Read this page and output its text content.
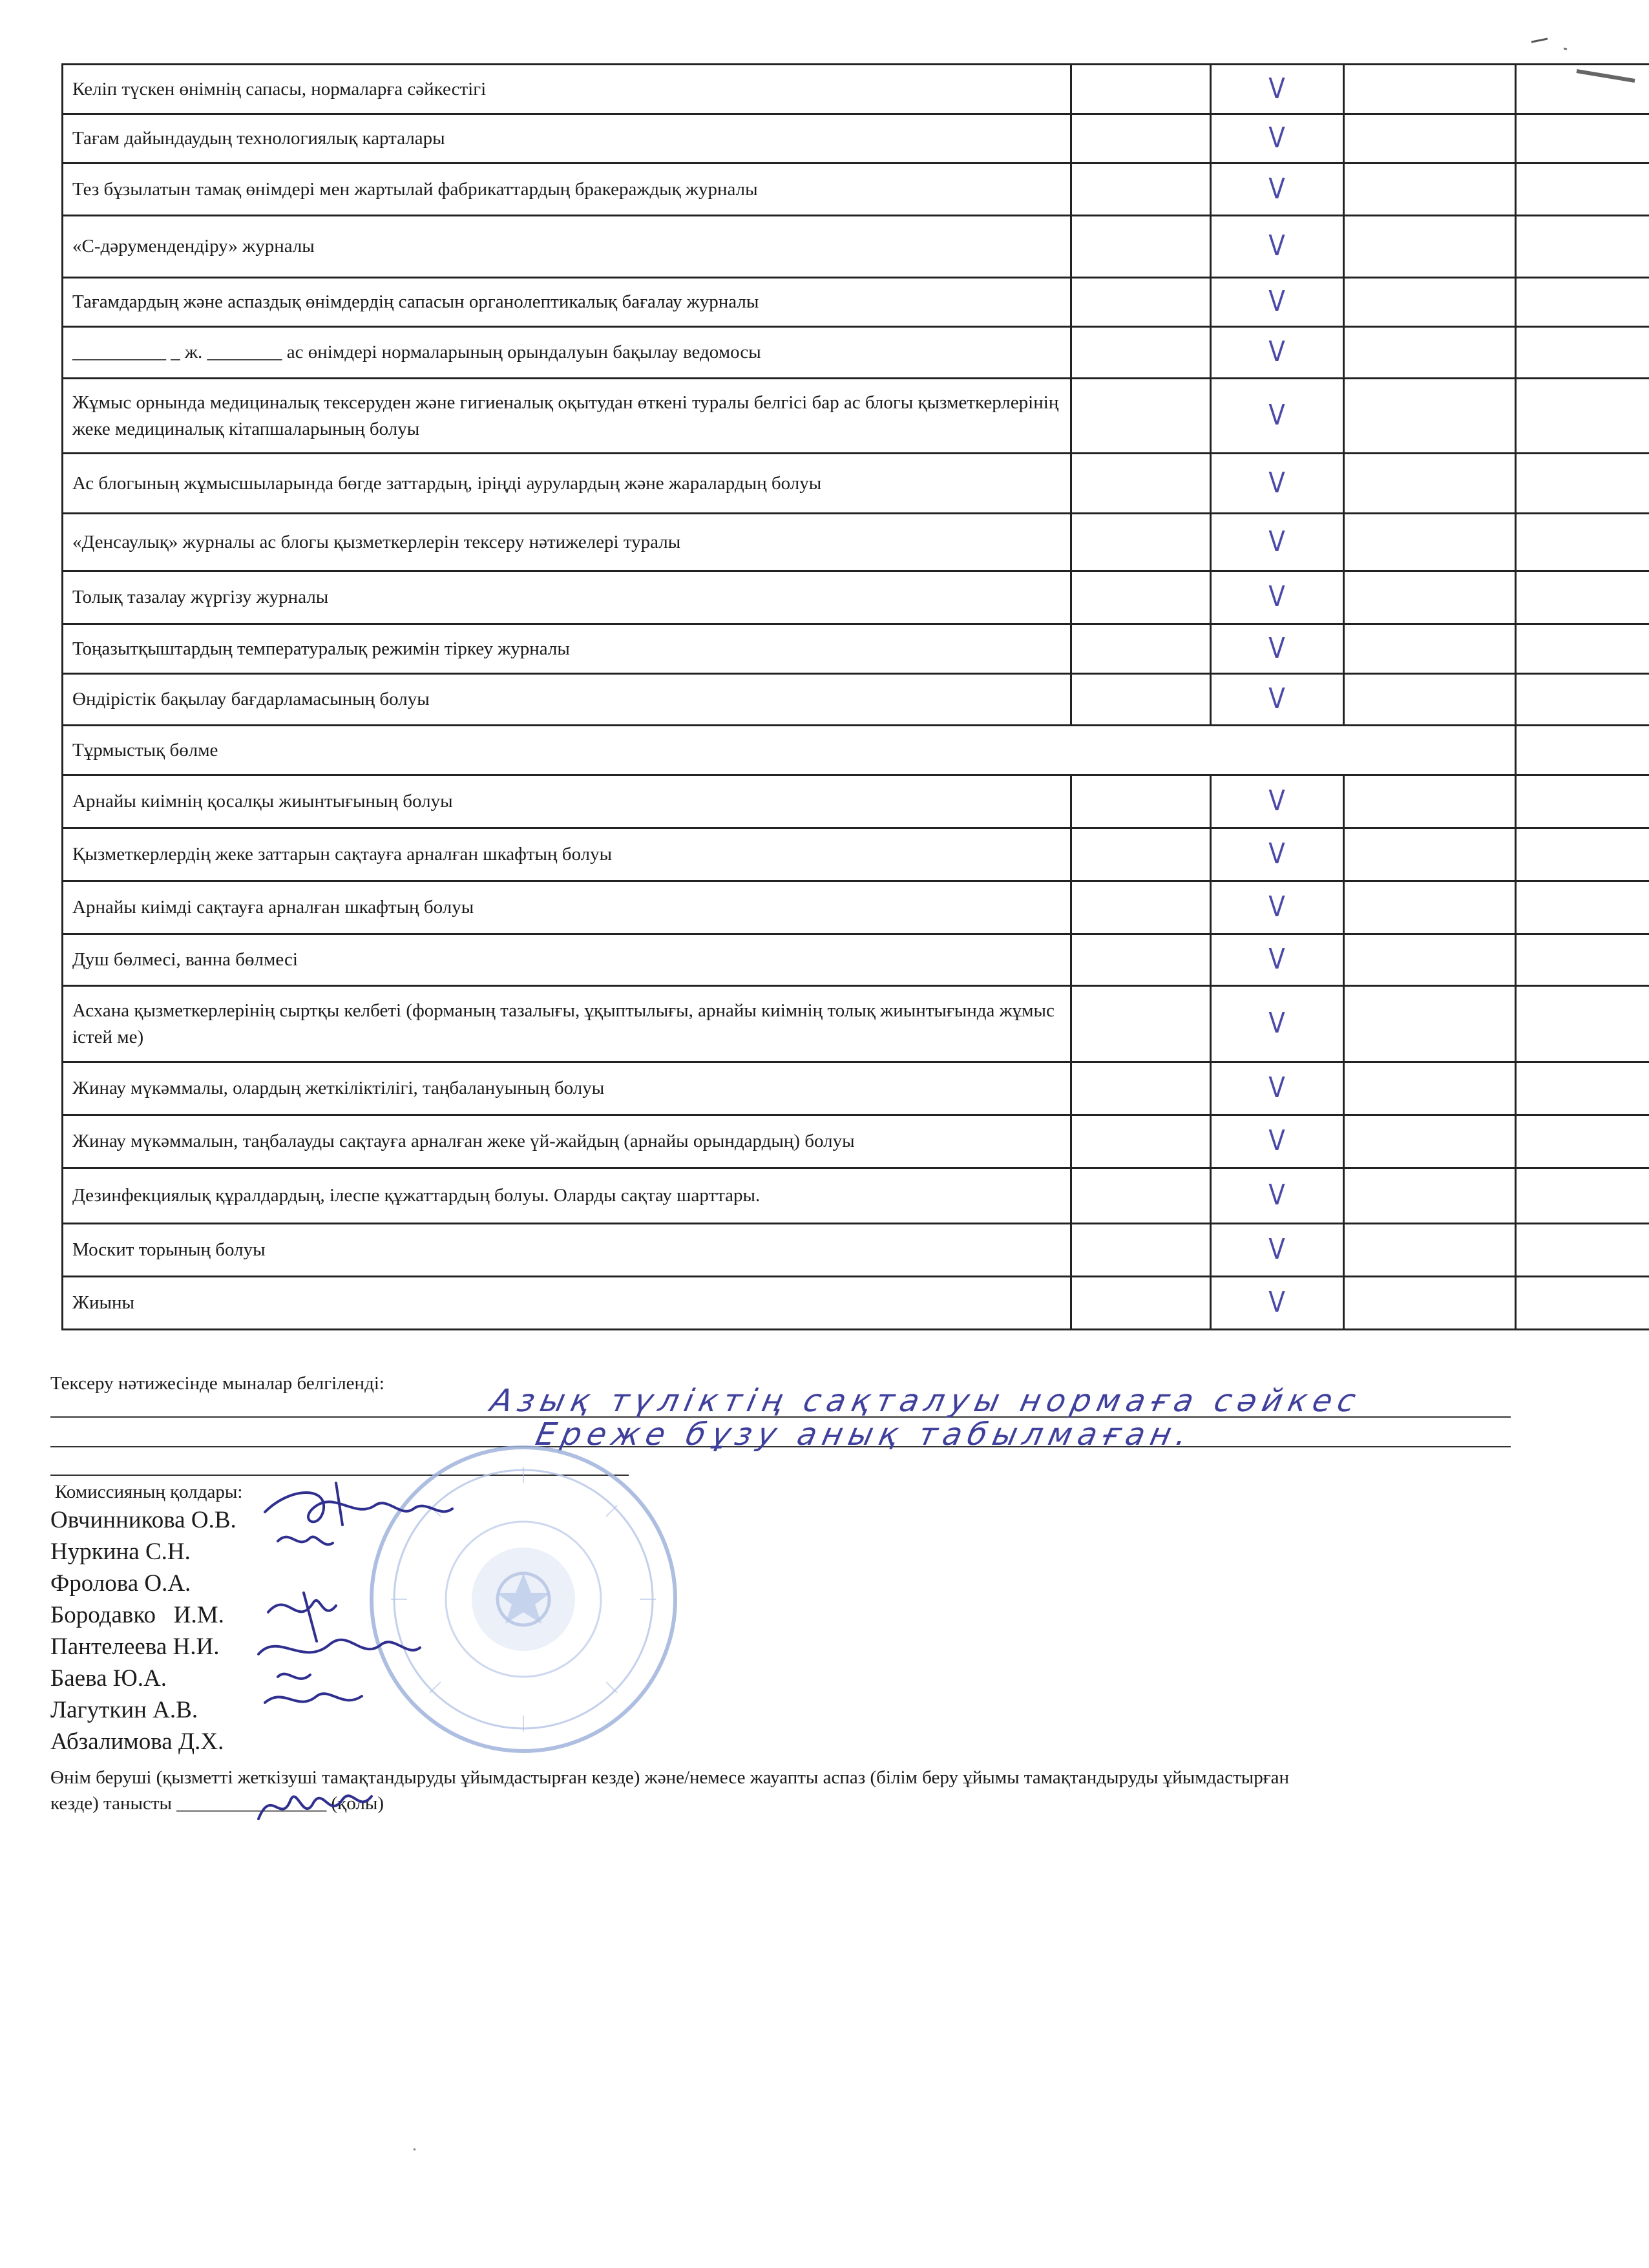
Келіп түскен өнімнің сапасы, нормаларға сәйкестігі		V		
Тағам дайындаудың технологиялық карталары		V		
Тез бұзылатын тамақ өнімдері мен жартылай фабрикаттардың бракераждық журналы		V		
«С-дәрумендендіру» журналы		V		
Тағамдардың және аспаздық өнімдердің сапасын органолептикалық бағалау журналы		V		
__________ _ ж. ________ ас өнімдері нормаларының орындалуын бақылау ведомосы		V		
Жұмыс орнында медициналық тексеруден және гигиеналық оқытудан өткені туралы белгісі бар ас блогы қызметкерлерінің жеке медициналық кітапшаларының болуы		V		
Ас блогының жұмысшыларында бөгде заттардың, іріңді аурулардың және жаралардың болуы		V		
«Денсаулық» журналы ас блогы қызметкерлерін тексеру нәтижелері туралы		V		
Толық тазалау жүргізу журналы		V		
Тоңазытқыштардың температуралық режимін тіркеу журналы		V		
Өндірістік бақылау бағдарламасының болуы		V		
Тұрмыстық бөлме				
Арнайы киімнің қосалқы жиынтығының болуы		V		
Қызметкерлердің жеке заттарын сақтауға арналған шкафтың болуы		V		
Арнайы киімді сақтауға арналған шкафтың болуы		V		
Душ бөлмесі, ванна бөлмесі		V		
Асхана қызметкерлерінің сыртқы келбеті (форманың тазалығы, ұқыптылығы, арнайы киімнің толық жиынтығында жұмыс істей ме)		V		
Жинау мүкәммалы, олардың жеткіліктілігі, таңбалануының болуы		V		
Жинау мүкәммалын, таңбалауды сақтауға арналған жеке үй-жайдың (арнайы орындардың) болуы		V		
Дезинфекциялық құралдардың, ілеспе құжаттардың болуы. Оларды сақтау шарттары.		V		
Москит торының болуы		V		
Жиыны		V		
Тексеру нәтижесінде мыналар белгіленді:	Азық түліктің сақталуы нормаға сәйкес
Ереже бұзу анық табылмаған.
Комиссияның қолдары:
Овчинникова О.В.
Нуркина С.Н.
Фролова О.А.
Бородавко   И.М.
Пантелеева Н.И.
Баева Ю.А.
Лагуткин А.В.
Абзалимова Д.Х.
Өнім беруші (қызметті жеткізуші тамақтандыруды ұйымдастырған кезде) және/немесе жауапты аспаз (білім беру ұйымы тамақтандыруды ұйымдастырған
кезде) танысты ________________ (қолы)
